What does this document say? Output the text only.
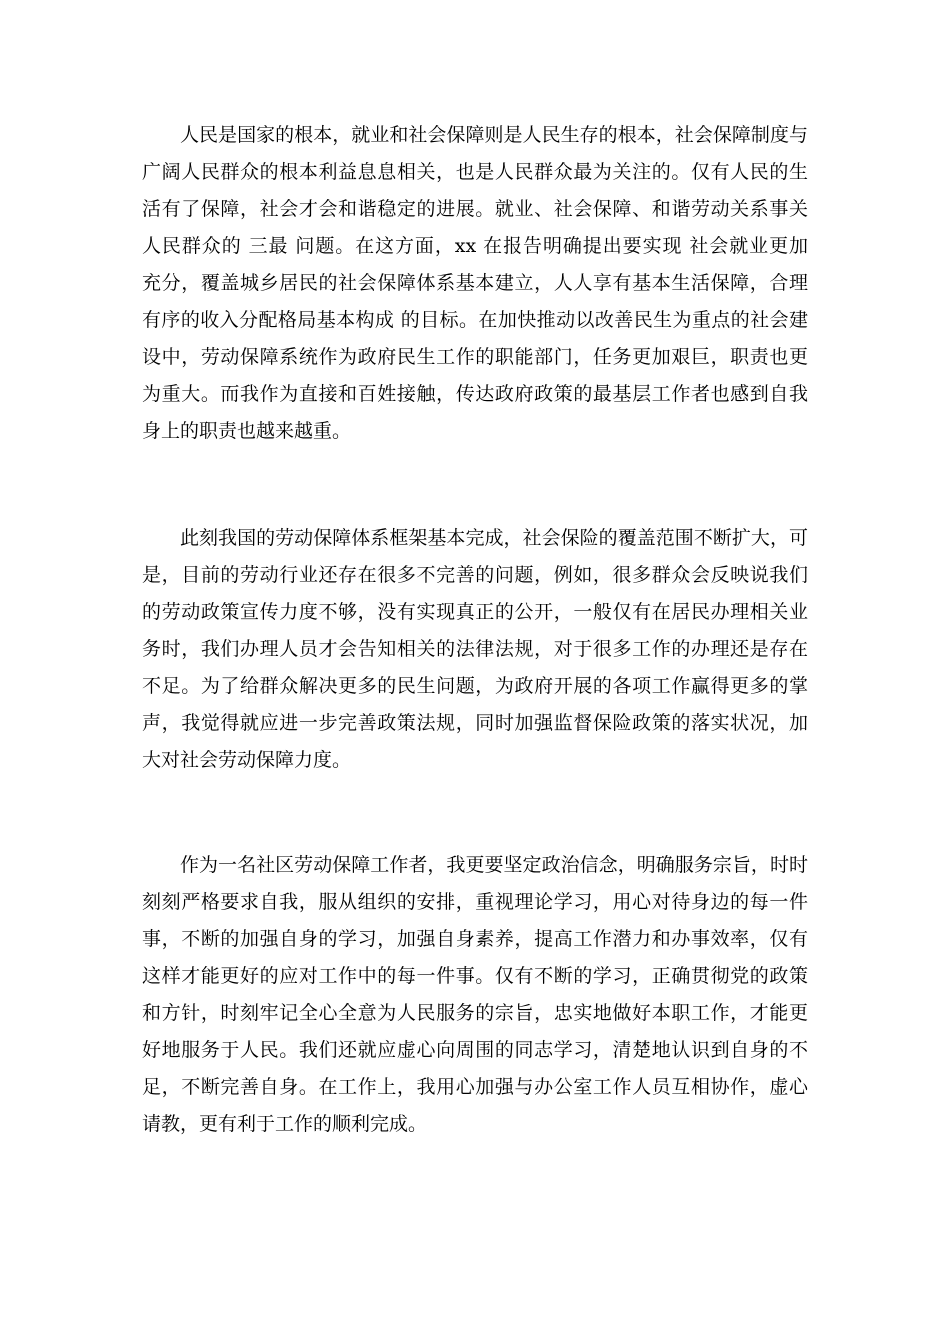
人民是国家的根本，就业和社会保障则是人民生存的根本，社会保障制度与
广阔人民群众的根本利益息息相关，也是人民群众最为关注的。仅有人民的生
活有了保障，社会才会和谐稳定的进展。就业、社会保障、和谐劳动关系事关
人民群众的 三最 问题。在这方面，xx 在报告明确提出要实现 社会就业更加
充分，覆盖城乡居民的社会保障体系基本建立，人人享有基本生活保障，合理
有序的收入分配格局基本构成 的目标。在加快推动以改善民生为重点的社会建
设中，劳动保障系统作为政府民生工作的职能部门，任务更加艰巨，职责也更
为重大。而我作为直接和百姓接触，传达政府政策的最基层工作者也感到自我
身上的职责也越来越重。
此刻我国的劳动保障体系框架基本完成，社会保险的覆盖范围不断扩大，可
是，目前的劳动行业还存在很多不完善的问题，例如，很多群众会反映说我们
的劳动政策宣传力度不够，没有实现真正的公开，一般仅有在居民办理相关业
务时，我们办理人员才会告知相关的法律法规，对于很多工作的办理还是存在
不足。为了给群众解决更多的民生问题，为政府开展的各项工作赢得更多的掌
声，我觉得就应进一步完善政策法规，同时加强监督保险政策的落实状况，加
大对社会劳动保障力度。
作为一名社区劳动保障工作者，我更要坚定政治信念，明确服务宗旨，时时
刻刻严格要求自我，服从组织的安排，重视理论学习，用心对待身边的每一件
事，不断的加强自身的学习，加强自身素养，提高工作潜力和办事效率，仅有
这样才能更好的应对工作中的每一件事。仅有不断的学习，正确贯彻党的政策
和方针，时刻牢记全心全意为人民服务的宗旨，忠实地做好本职工作，才能更
好地服务于人民。我们还就应虚心向周围的同志学习，清楚地认识到自身的不
足，不断完善自身。在工作上，我用心加强与办公室工作人员互相协作，虚心
请教，更有利于工作的顺利完成。
